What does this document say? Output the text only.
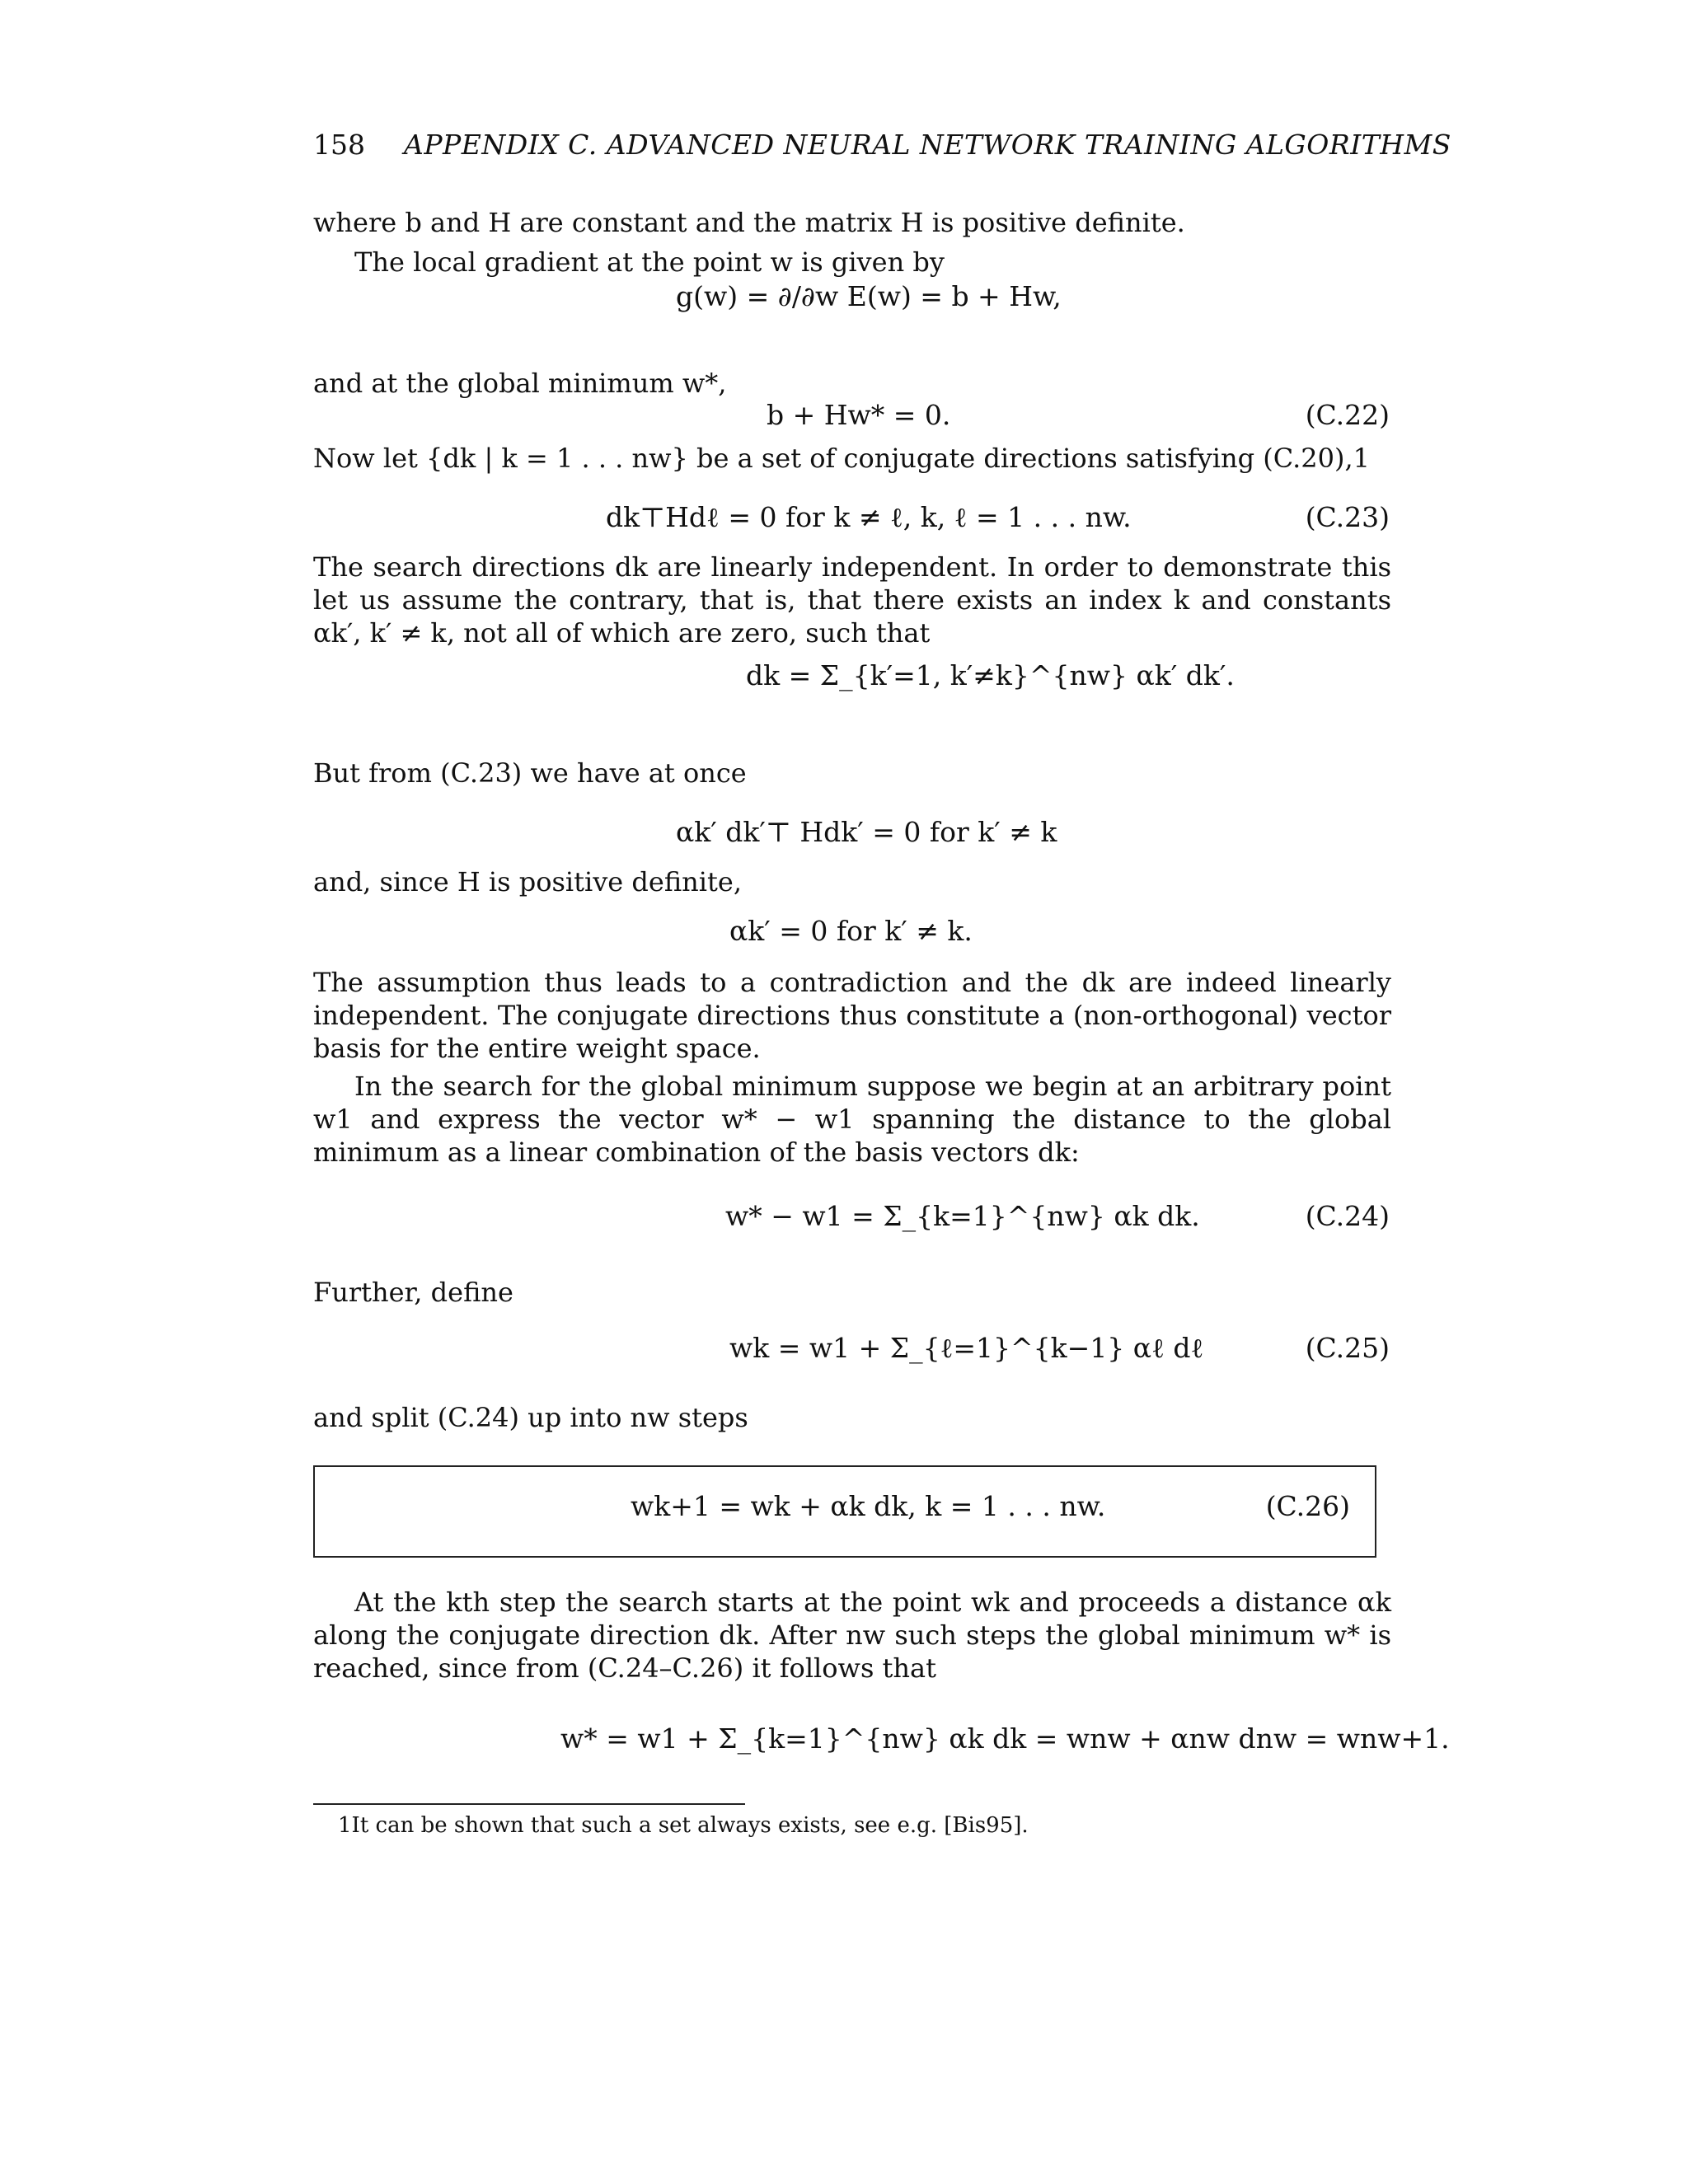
158 APPENDIX C. ADVANCED NEURAL NETWORK TRAINING ALGORITHMS
where b and H are constant and the matrix H is positive definite.
The local gradient at the point w is given by
g(w) = ∂/∂w E(w) = b + Hw,
and at the global minimum w*,
b + Hw* = 0.	(C.22)
Now let {dk | k = 1 . . . nw} be a set of conjugate directions satisfying (C.20),1
dk⊤Hdℓ = 0 for k ≠ ℓ, k, ℓ = 1 . . . nw.	(C.23)
The search directions dk are linearly independent. In order to demonstrate this let us assume the contrary, that is, that there exists an index k and constants αk′, k′ ≠ k, not all of which are zero, such that
dk = Σ_{k′=1, k′≠k}^{nw} αk′ dk′.
But from (C.23) we have at once
αk′ dk′⊤ Hdk′ = 0 for k′ ≠ k
and, since H is positive definite,
αk′ = 0 for k′ ≠ k.
The assumption thus leads to a contradiction and the dk are indeed linearly independent. The conjugate directions thus constitute a (non-orthogonal) vector basis for the entire weight space.
In the search for the global minimum suppose we begin at an arbitrary point w1 and express the vector w* − w1 spanning the distance to the global minimum as a linear combination of the basis vectors dk:
w* − w1 = Σ_{k=1}^{nw} αk dk.	(C.24)
Further, define
wk = w1 + Σ_{ℓ=1}^{k−1} αℓ dℓ	(C.25)
and split (C.24) up into nw steps
wk+1 = wk + αk dk, k = 1 . . . nw.	(C.26)
At the kth step the search starts at the point wk and proceeds a distance αk along the conjugate direction dk. After nw such steps the global minimum w* is reached, since from (C.24–C.26) it follows that
w* = w1 + Σ_{k=1}^{nw} αk dk = wnw + αnw dnw = wnw+1.
1It can be shown that such a set always exists, see e.g. [Bis95].
